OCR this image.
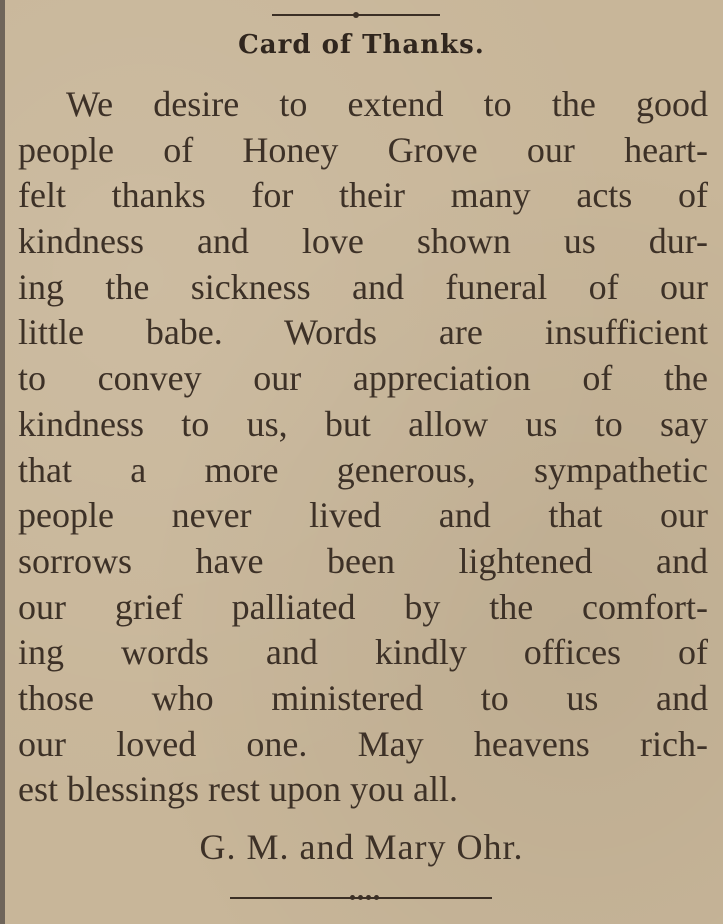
Card of Thanks.
We desire to extend to the good
people of Honey Grove our heart-
felt thanks for their many acts of
kindness and love shown us dur-
ing the sickness and funeral of our
little babe. Words are insufficient
to convey our appreciation of the
kindness to us, but allow us to say
that a more generous, sympathetic
people never lived and that our
sorrows have been lightened and
our grief palliated by the comfort-
ing words and kindly offices of
those who ministered to us and
our loved one. May heavens rich-
est blessings rest upon you all.
G. M. and Mary Ohr.
